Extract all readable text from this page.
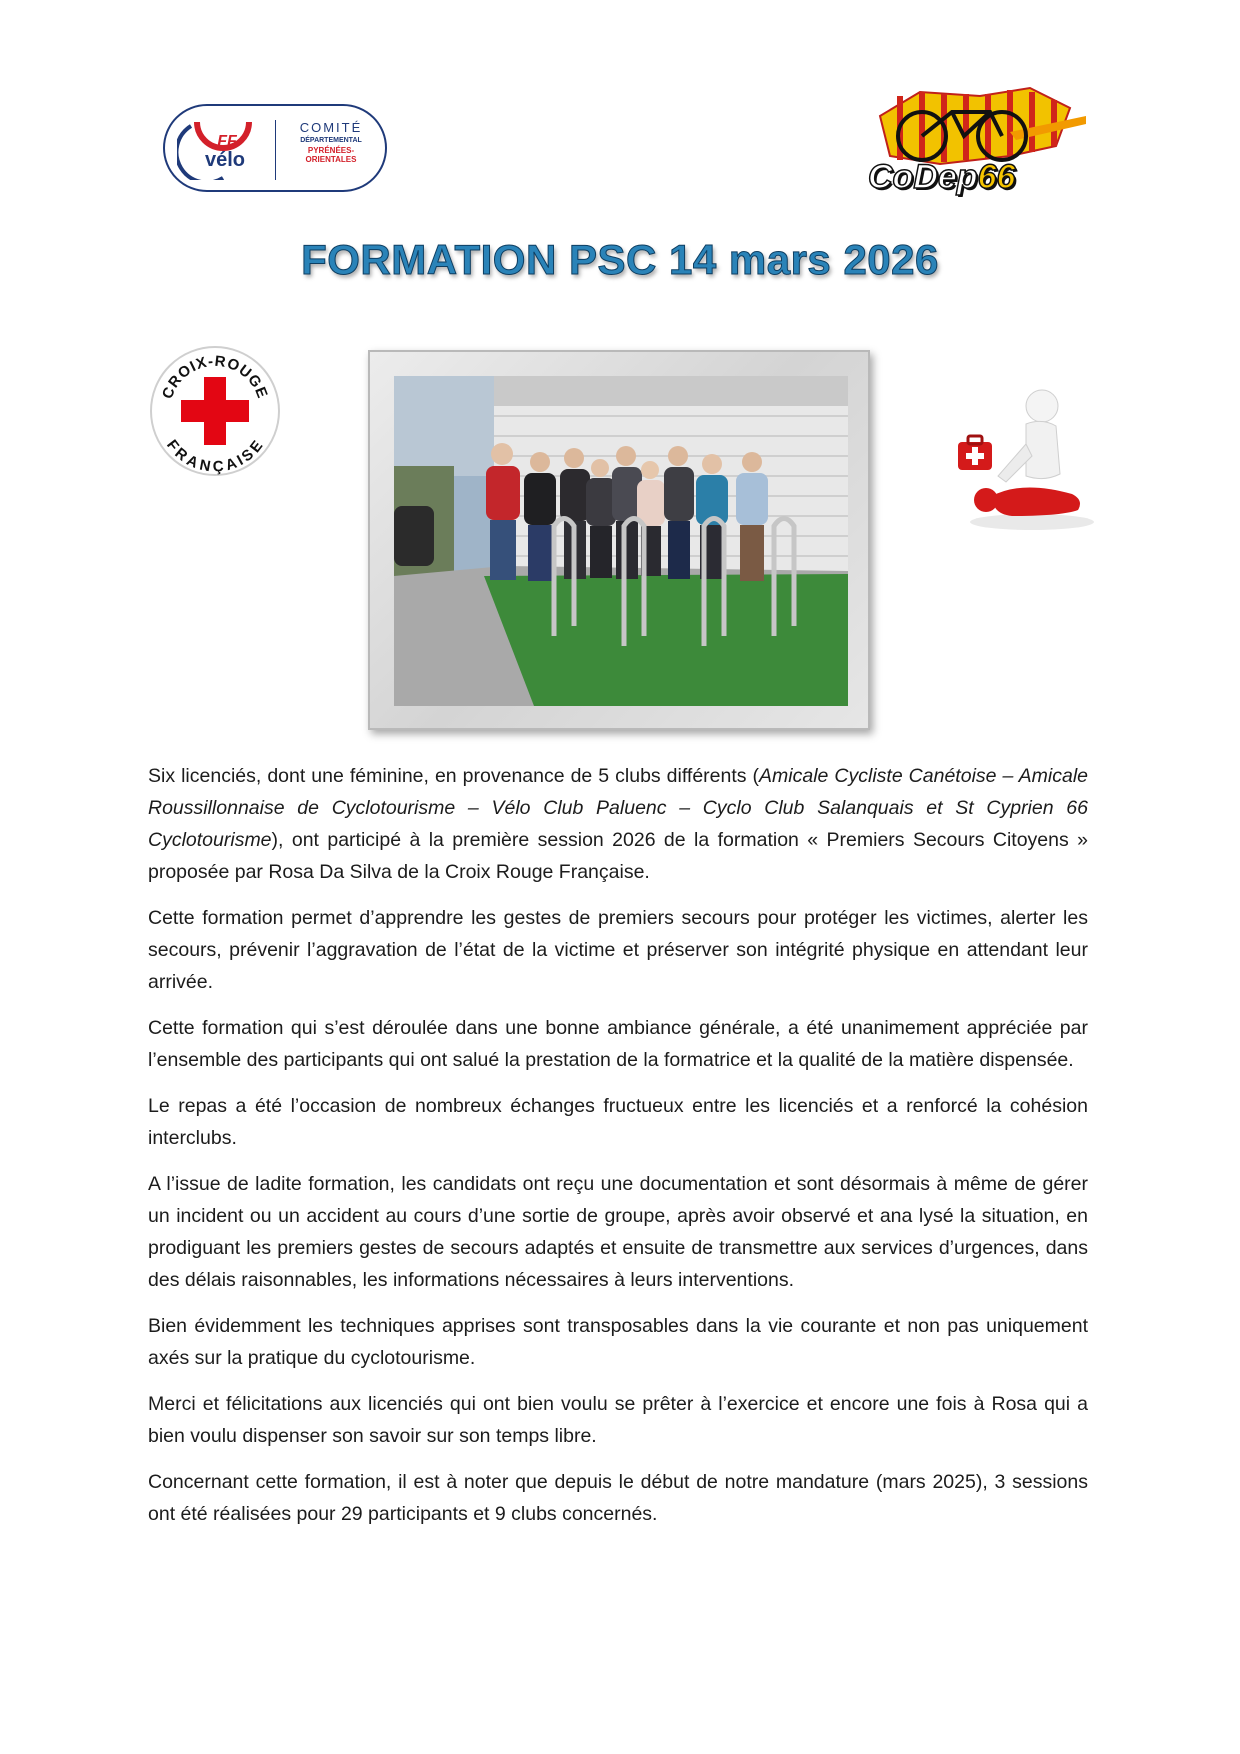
FF
vélo
COMITÉ
DÉPARTEMENTAL
PYRÉNÉES-ORIENTALES	CoDep66
FORMATION PSC 14 mars 2026
CROIX-ROUGE
FRANÇAISE

Six licenciés, dont une féminine, en provenance de 5 clubs différents (Amicale Cycliste Canétoise – Amicale Roussillonnaise de Cyclotourisme – Vélo Club Paluenc – Cyclo Club Salanquais et St Cyprien 66 Cyclotourisme), ont participé à la première session 2026 de la formation « Premiers Secours Citoyens » proposée par Rosa Da Silva de la Croix Rouge Française.

Cette formation permet d’apprendre les gestes de premiers secours pour protéger les victimes, alerter les secours, prévenir l’aggravation de l’état de la victime et préserver son intégrité physique en attendant leur arrivée.

Cette formation qui s’est déroulée dans une bonne ambiance générale, a été unanimement appréciée par l’ensemble des participants qui ont salué la prestation de la formatrice et la qualité de la matière dispensée.

Le repas a été l’occasion de nombreux échanges fructueux entre les licenciés et a renforcé la cohésion interclubs.

A l’issue de ladite formation, les candidats ont reçu une documentation et sont désormais à même de gérer un incident ou un accident au cours d’une sortie de groupe, après avoir observé et ana lysé la situation, en prodiguant les premiers gestes de secours adaptés et ensuite de transmettre aux services d’urgences, dans des délais raisonnables, les informations nécessaires à leurs interventions.

Bien évidemment les techniques apprises sont transposables dans la vie courante et non pas uniquement axés sur la pratique du cyclotourisme.

Merci et félicitations aux licenciés qui ont bien voulu se prêter à l’exercice et encore une fois à Rosa qui a bien voulu dispenser son savoir sur son temps libre.

Concernant cette formation, il est à noter que depuis le début de notre mandature (mars 2025), 3 sessions ont été réalisées pour 29 participants et 9 clubs concernés.
